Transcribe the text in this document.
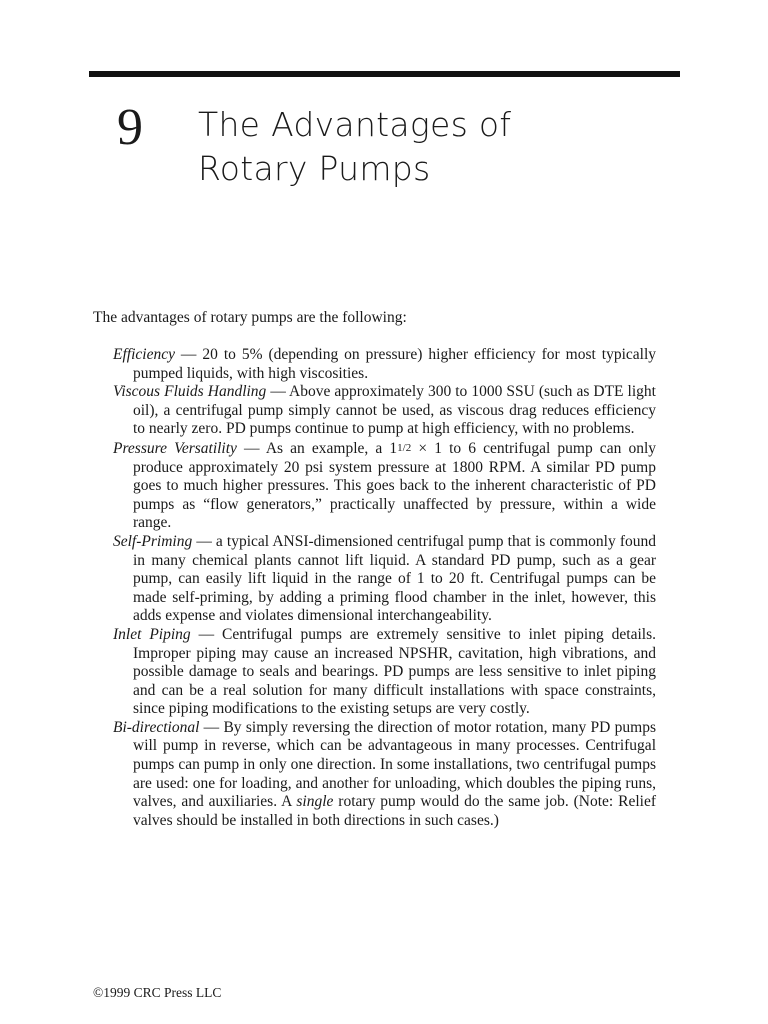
9 The Advantages of
Rotary Pumps

The advantages of rotary pumps are the following:

Efficiency — 20 to 5% (depending on pressure) higher efficiency for most typically pumped liquids, with high viscosities.
Viscous Fluids Handling — Above approximately 300 to 1000 SSU (such as DTE light oil), a centrifugal pump simply cannot be used, as viscous drag reduces efficiency to nearly zero. PD pumps continue to pump at high efficiency, with no problems.
Pressure Versatility — As an example, a 11/2 × 1 to 6 centrifugal pump can only produce approximately 20 psi system pressure at 1800 RPM. A similar PD pump goes to much higher pressures. This goes back to the inherent characteristic of PD pumps as “flow generators,” practically unaffected by pressure, within a wide range.
Self-Priming — a typical ANSI-dimensioned centrifugal pump that is commonly found in many chemical plants cannot lift liquid. A standard PD pump, such as a gear pump, can easily lift liquid in the range of 1 to 20 ft. Centrifugal pumps can be made self-priming, by adding a priming flood chamber in the inlet, however, this adds expense and violates dimensional interchangeability.
Inlet Piping — Centrifugal pumps are extremely sensitive to inlet piping details. Improper piping may cause an increased NPSHR, cavitation, high vibrations, and possible damage to seals and bearings. PD pumps are less sensitive to inlet piping and can be a real solution for many difficult installations with space constraints, since piping modifications to the existing setups are very costly.
Bi-directional — By simply reversing the direction of motor rotation, many PD pumps will pump in reverse, which can be advantageous in many processes. Centrifugal pumps can pump in only one direction. In some installations, two centrifugal pumps are used: one for loading, and another for unloading, which doubles the piping runs, valves, and auxiliaries. A single rotary pump would do the same job. (Note: Relief valves should be installed in both directions in such cases.)
©1999 CRC Press LLC
